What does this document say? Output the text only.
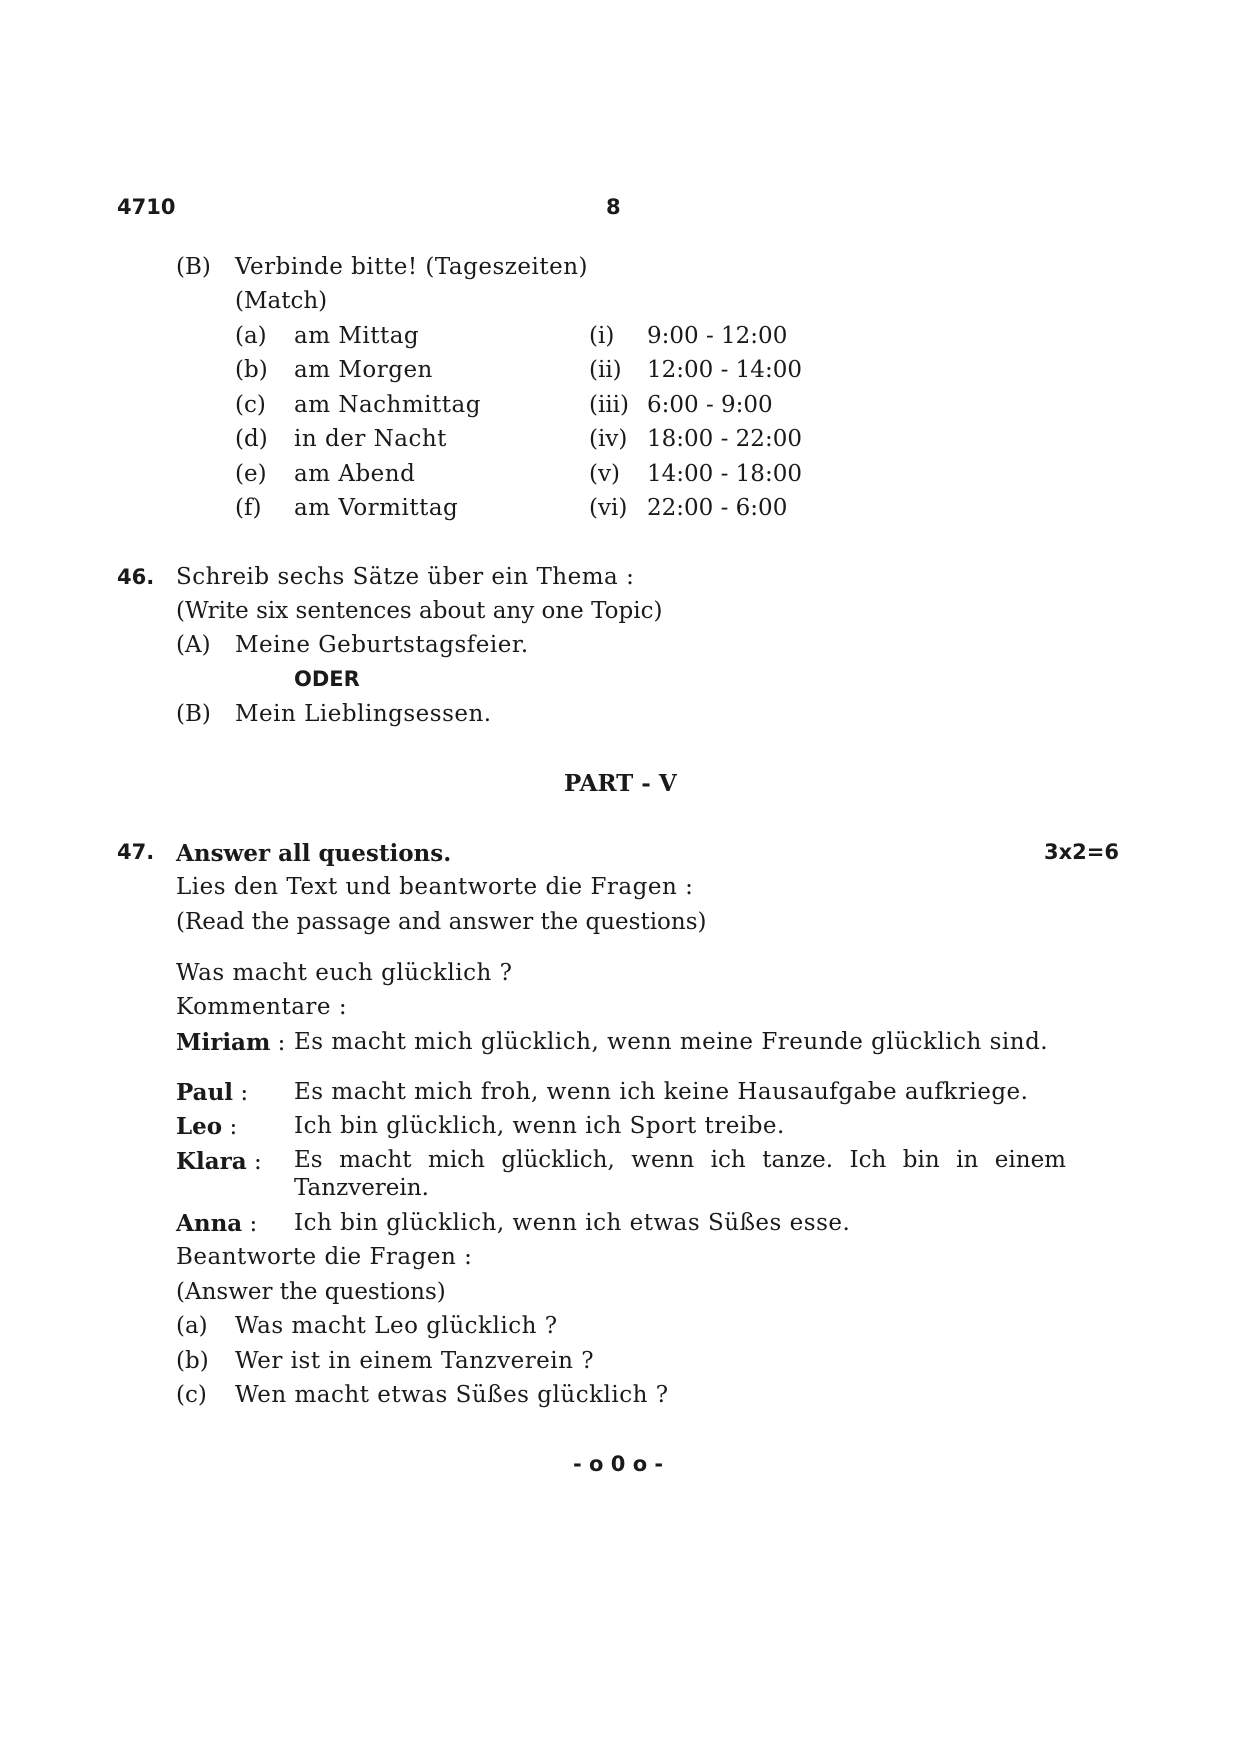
4710	8
(B) Verbinde bitte! (Tageszeiten)
(Match)
(a) am Mittag
(b) am Morgen
(c) am Nachmittag
(d) in der Nacht
(e) am Abend
(f) am Vormittag
(i) 9:00 - 12:00
(ii) 12:00 - 14:00
(iii) 6:00 - 9:00
(iv) 18:00 - 22:00
(v) 14:00 - 18:00
(vi) 22:00 - 6:00
46. Schreib sechs Sätze über ein Thema :
(Write six sentences about any one Topic)
(A) Meine Geburtstagsfeier.
ODER
(B) Mein Lieblingsessen.
PART - V
47. Answer all questions.	3x2=6
Lies den Text und beantworte die Fragen :
(Read the passage and answer the questions)
Was macht euch glücklich ?
Kommentare :
Miriam : Es macht mich glücklich, wenn meine Freunde glücklich sind.
Paul : Es macht mich froh, wenn ich keine Hausaufgabe aufkriege.
Leo : Ich bin glücklich, wenn ich Sport treibe.
Klara : Es macht mich glücklich, wenn ich tanze. Ich bin in einem Tanzverein.
Anna : Ich bin glücklich, wenn ich etwas Süßes esse.
Beantworte die Fragen :
(Answer the questions)
(a) Was macht Leo glücklich ?
(b) Wer ist in einem Tanzverein ?
(c) Wen macht etwas Süßes glücklich ?
- o 0 o -
